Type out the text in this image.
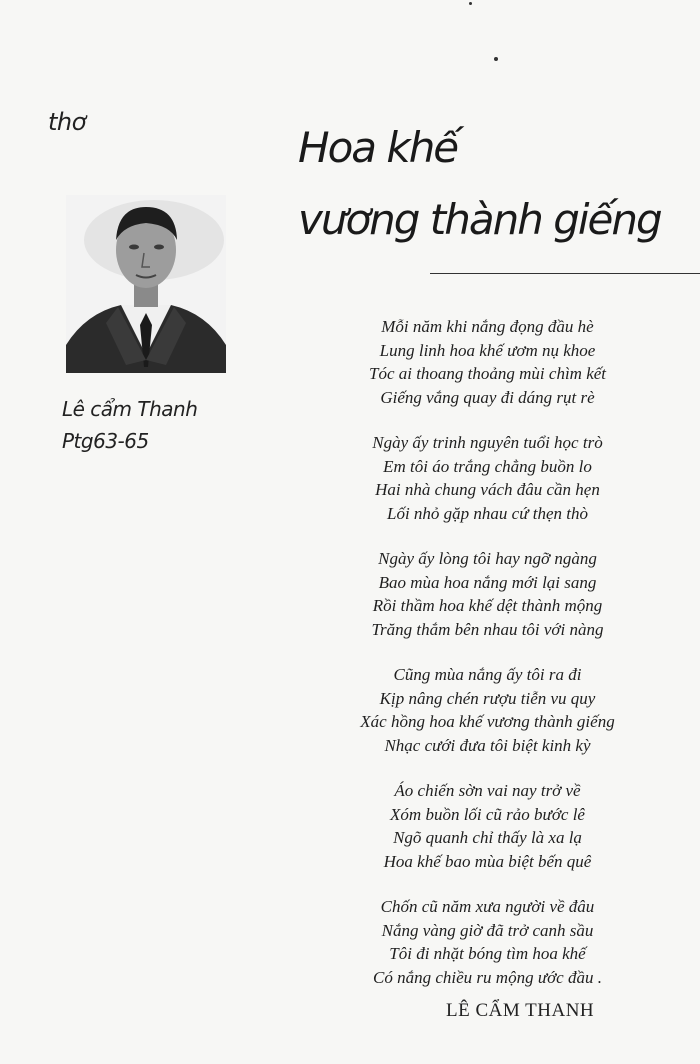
thơ
Lê cẩm Thanh
Ptg63-65
Hoa khế
vương thành giếng
Mỗi năm khi nắng đọng đầu hè
Lung linh hoa khế ươm nụ khoe
Tóc ai thoang thoảng mùi chìm kết
Giếng vắng quay đi dáng rụt rè
Ngày ấy trinh nguyên tuổi học trò
Em tôi áo trắng chẳng buồn lo
Hai nhà chung vách đâu cần hẹn
Lối nhỏ gặp nhau cứ thẹn thò
Ngày ấy lòng tôi hay ngỡ ngàng
Bao mùa hoa nắng mới lại sang
Rồi thầm hoa khế dệt thành mộng
Trăng thắm bên nhau tôi với nàng
Cũng mùa nắng ấy tôi ra đi
Kịp nâng chén rượu tiễn vu quy
Xác hồng hoa khế vương thành giếng
Nhạc cưới đưa tôi biệt kinh kỳ
Áo chiến sờn vai nay trở về
Xóm buồn lối cũ rảo bước lê
Ngõ quanh chỉ thấy là xa lạ
Hoa khế bao mùa biệt bến quê
Chốn cũ năm xưa người về đâu
Nắng vàng giờ đã trở canh sầu
Tôi đi nhặt bóng tìm hoa khế
Có nắng chiều ru mộng ước đầu .
LÊ CẨM THANH
